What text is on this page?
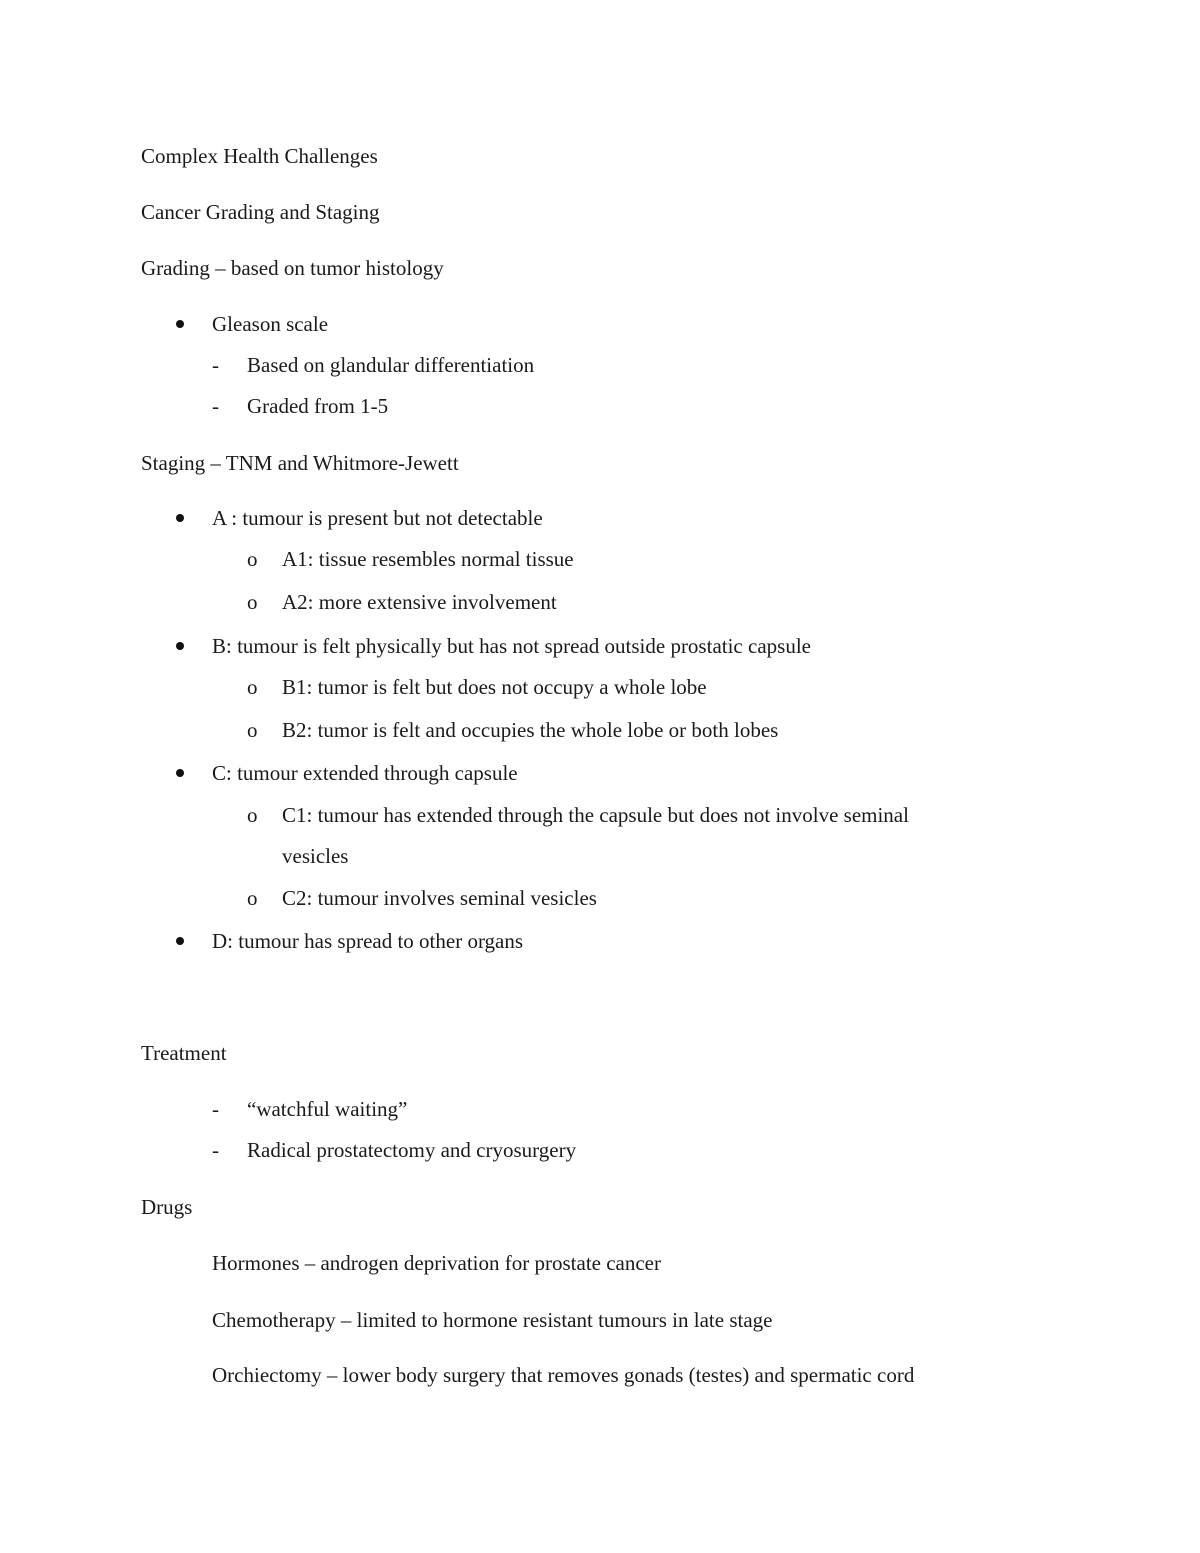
Complex Health Challenges
Cancer Grading and Staging
Grading – based on tumor histology
Gleason scale
- Based on glandular differentiation
- Graded from 1-5
Staging – TNM and Whitmore-Jewett
A : tumour is present but not detectable
o A1: tissue resembles normal tissue
o A2: more extensive involvement
B: tumour is felt physically but has not spread outside prostatic capsule
o B1: tumor is felt but does not occupy a whole lobe
o B2: tumor is felt and occupies the whole lobe or both lobes
C: tumour extended through capsule
o C1: tumour has extended through the capsule but does not involve seminal
vesicles
o C2: tumour involves seminal vesicles
D: tumour has spread to other organs
Treatment
- “watchful waiting”
- Radical prostatectomy and cryosurgery
Drugs
Hormones – androgen deprivation for prostate cancer
Chemotherapy – limited to hormone resistant tumours in late stage
Orchiectomy – lower body surgery that removes gonads (testes) and spermatic cord
